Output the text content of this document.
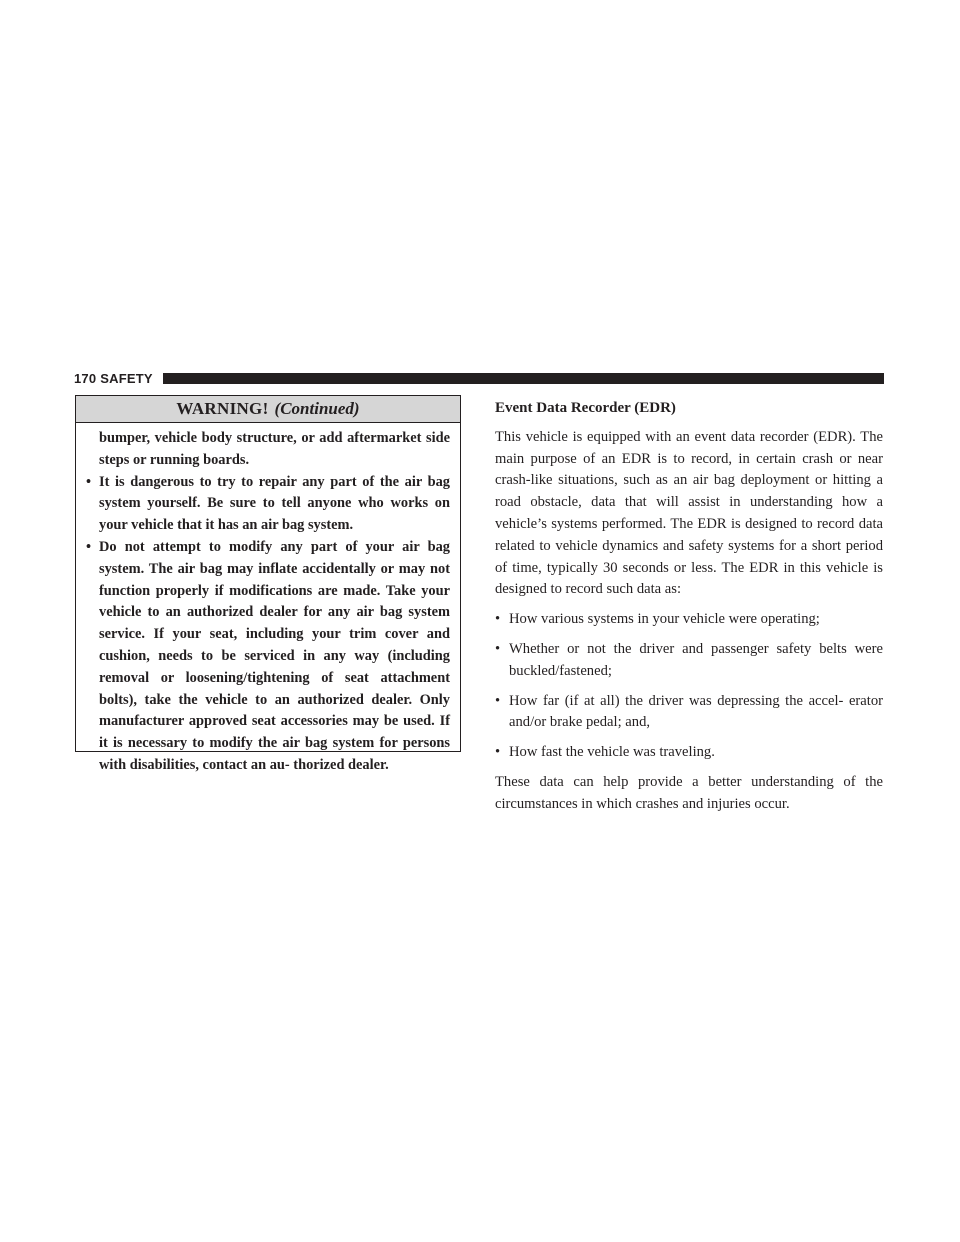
170 SAFETY
WARNING! (Continued)
bumper, vehicle body structure, or add aftermarket side steps or running boards.
• It is dangerous to try to repair any part of the air bag system yourself. Be sure to tell anyone who works on your vehicle that it has an air bag system.
• Do not attempt to modify any part of your air bag system. The air bag may inflate accidentally or may not function properly if modifications are made. Take your vehicle to an authorized dealer for any air bag system service. If your seat, including your trim cover and cushion, needs to be serviced in any way (including removal or loosening/tightening of seat attachment bolts), take the vehicle to an authorized dealer. Only manufacturer approved seat accessories may be used. If it is necessary to modify the air bag system for persons with disabilities, contact an au- thorized dealer.
Event Data Recorder (EDR)

This vehicle is equipped with an event data recorder (EDR). The main purpose of an EDR is to record, in certain crash or near crash-like situations, such as an air bag deployment or hitting a road obstacle, data that will assist in understanding how a vehicle’s systems performed. The EDR is designed to record data related to vehicle dynamics and safety systems for a short period of time, typically 30 seconds or less. The EDR in this vehicle is designed to record such data as:

• How various systems in your vehicle were operating;
• Whether or not the driver and passenger safety belts were buckled/fastened;
• How far (if at all) the driver was depressing the accel- erator and/or brake pedal; and,
• How fast the vehicle was traveling.

These data can help provide a better understanding of the circumstances in which crashes and injuries occur.
